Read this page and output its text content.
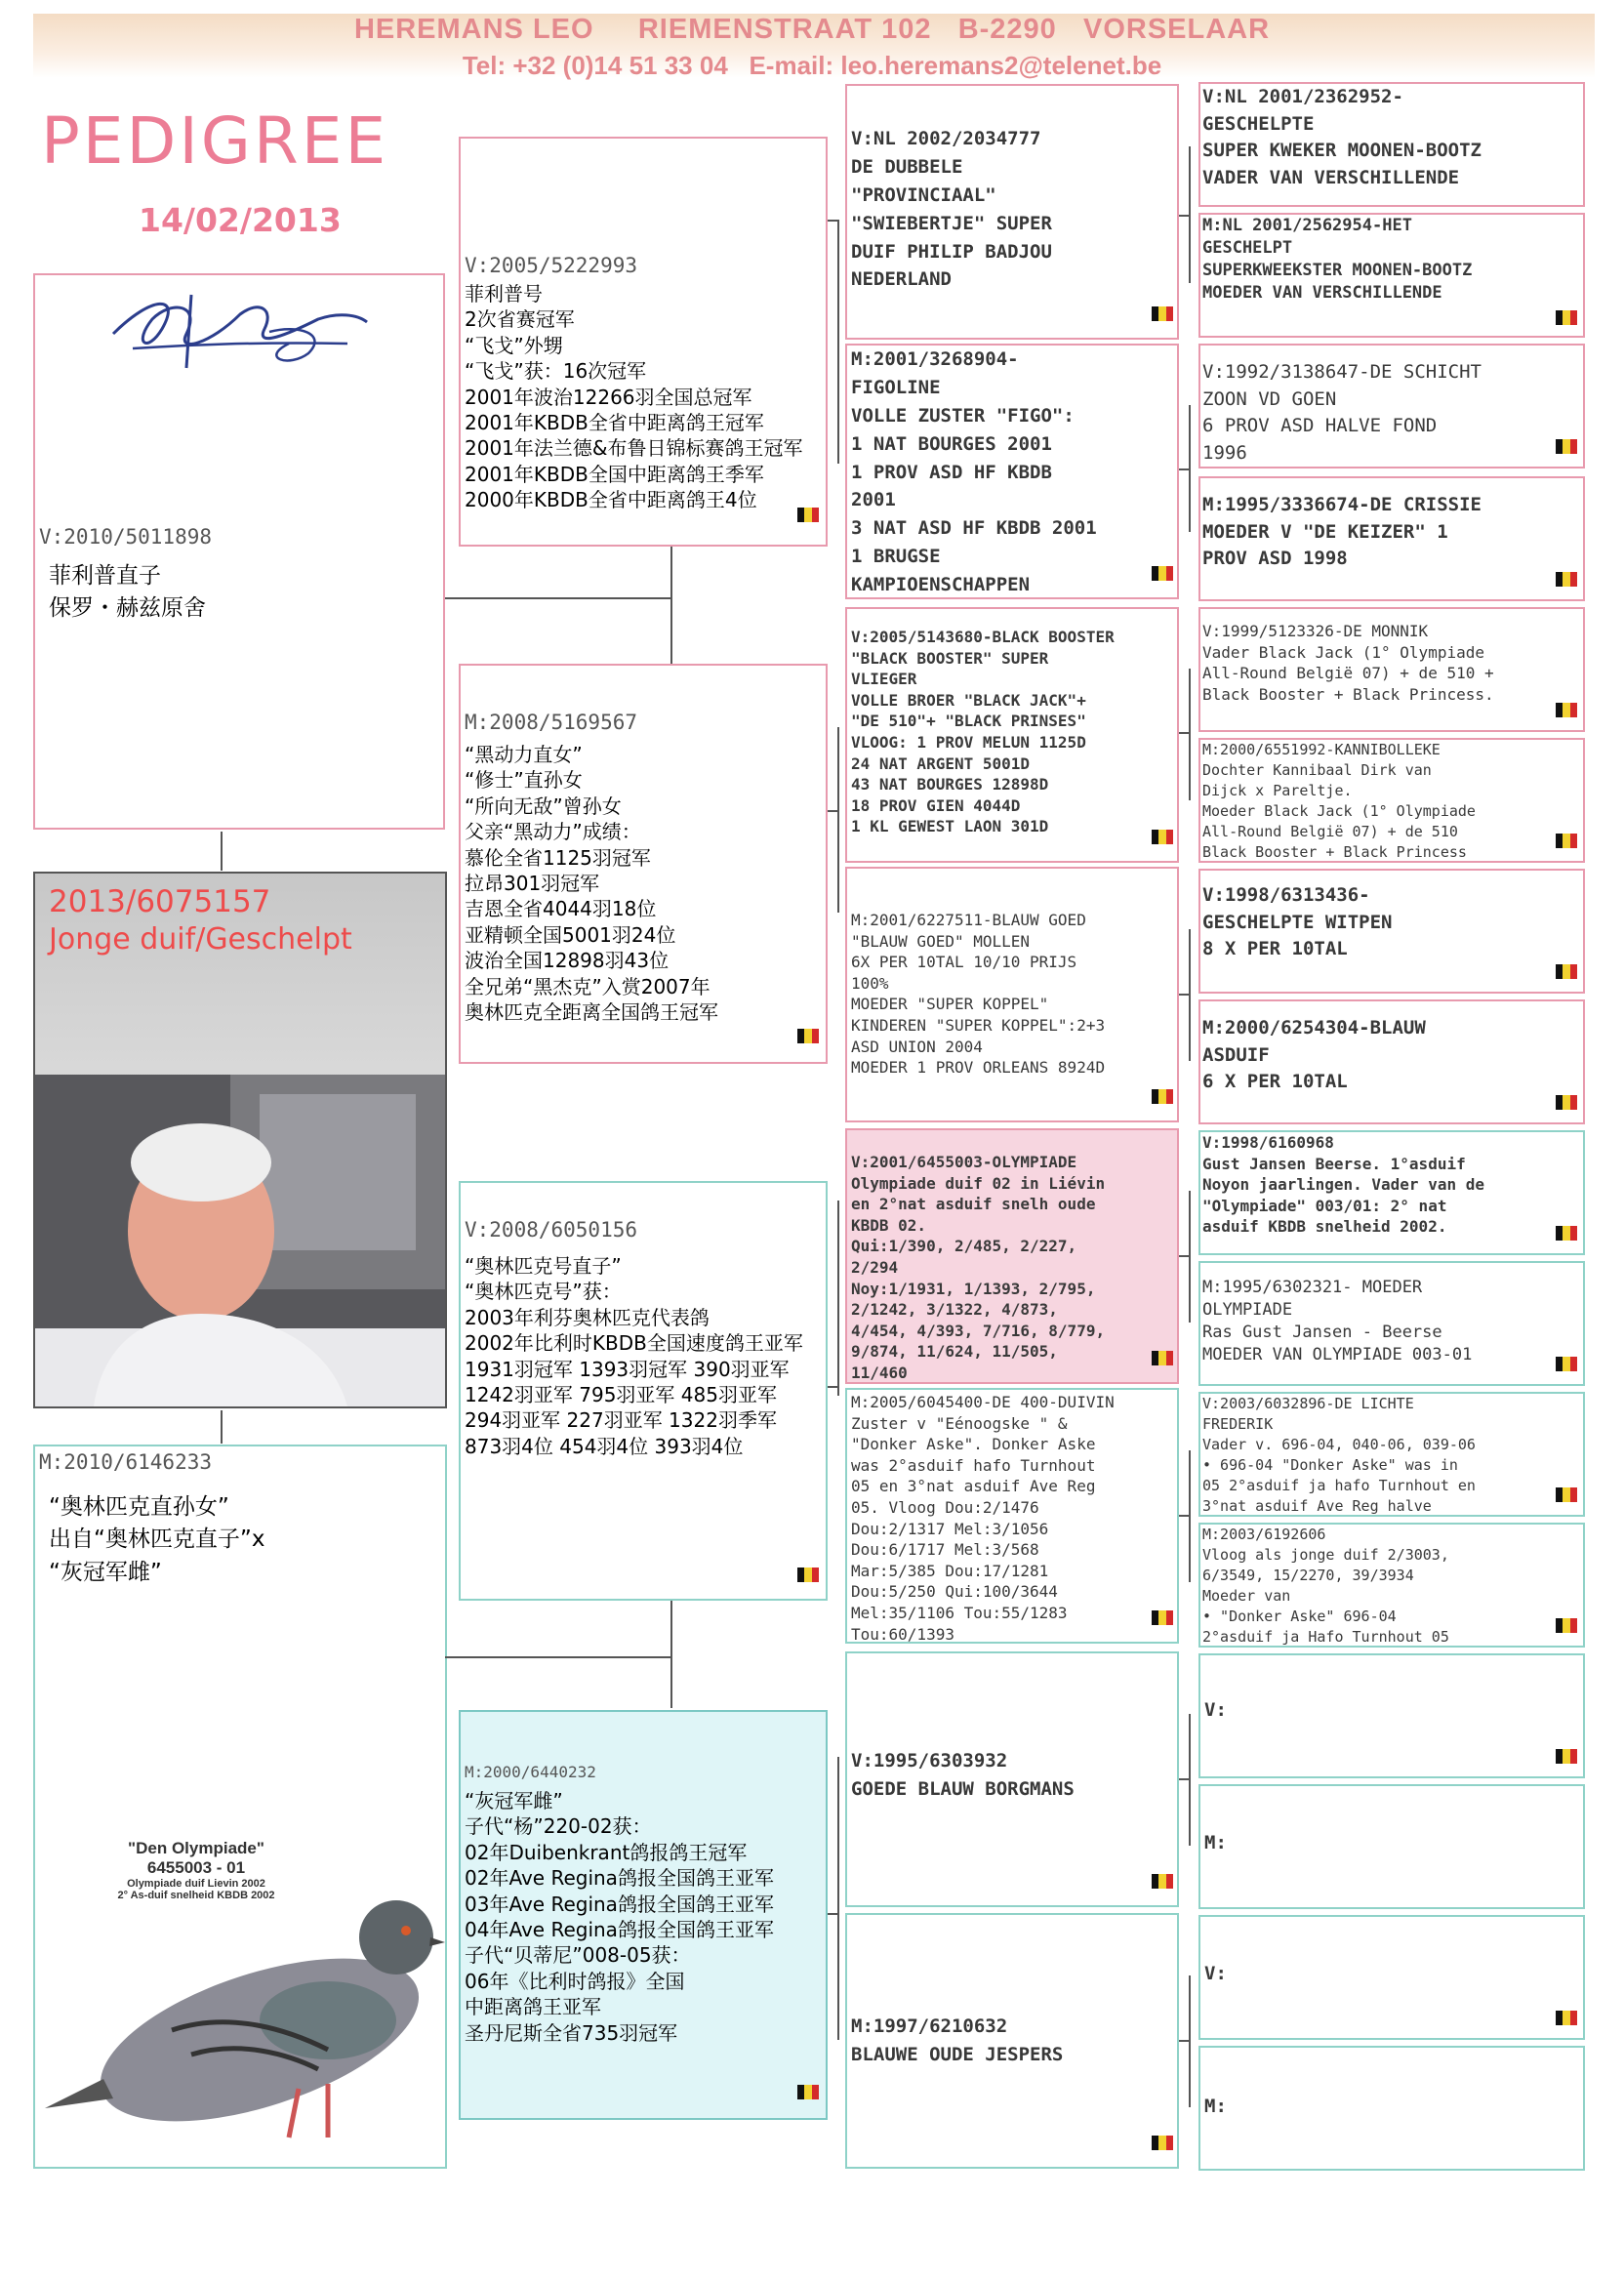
HEREMANS LEO     RIEMENSTRAAT 102   B-2290   VORSELAAR
Tel: +32 (0)14 51 33 04   E-mail: leo.heremans2@telenet.be
PEDIGREE
14/02/2013
V:2010/5011898
菲利普直子
保罗・赫兹原舍
2013/6075157
Jonge duif/Geschelpt
M:2010/6146233
“奥林匹克直孙女”
出自“奥林匹克直子”x
“灰冠军雌”
"Den Olympiade"
6455003 - 01
Olympiade duif Lievin 2002
2° As-duif snelheid KBDB 2002
V:2005/5222993
菲利普号
2次省赛冠军
“飞戈”外甥
“飞戈”获：16次冠军
2001年波治12266羽全国总冠军
2001年KBDB全省中距离鸽王冠军
2001年法兰德&布鲁日锦标赛鸽王冠军
2001年KBDB全国中距离鸽王季军
2000年KBDB全省中距离鸽王4位
M:2008/5169567
“黑动力直女”
“修士”直孙女
“所向无敌”曾孙女
父亲“黑动力”成绩：
慕伦全省1125羽冠军
拉昂301羽冠军
吉恩全省4044羽18位
亚精顿全国5001羽24位
波治全国12898羽43位
全兄弟“黑杰克”入赏2007年
奥林匹克全距离全国鸽王冠军
V:2008/6050156
“奥林匹克号直子”
“奥林匹克号”获：
2003年利芬奥林匹克代表鸽
2002年比利时KBDB全国速度鸽王亚军
1931羽冠军 1393羽冠军 390羽亚军
1242羽亚军 795羽亚军 485羽亚军
294羽亚军 227羽亚军 1322羽季军
873羽4位 454羽4位 393羽4位
M:2000/6440232
“灰冠军雌”
子代“杨”220-02获：
02年Duibenkrant鸽报鸽王冠军
02年Ave Regina鸽报全国鸽王亚军
03年Ave Regina鸽报全国鸽王亚军
04年Ave Regina鸽报全国鸽王亚军
子代“贝蒂尼”008-05获：
06年《比利时鸽报》全国
中距离鸽王亚军
圣丹尼斯全省735羽冠军
V:NL 2002/2034777
DE DUBBELE
"PROVINCIAAL"
"SWIEBERTJE" SUPER
DUIF PHILIP BADJOU
NEDERLAND
M:2001/3268904-
FIGOLINE
VOLLE ZUSTER "FIGO":
1 NAT BOURGES 2001
1 PROV ASD HF KBDB
2001
3 NAT ASD HF KBDB 2001
1 BRUGSE
KAMPIOENSCHAPPEN
V:2005/5143680-BLACK BOOSTER
"BLACK BOOSTER" SUPER
VLIEGER
VOLLE BROER "BLACK JACK"+
"DE 510"+ "BLACK PRINSES"
VLOOG: 1 PROV MELUN 1125D
24 NAT ARGENT 5001D
43 NAT BOURGES 12898D
18 PROV GIEN 4044D
1 KL GEWEST LAON 301D
M:2001/6227511-BLAUW GOED
"BLAUW GOED" MOLLEN
6X PER 10TAL 10/10 PRIJS
100%
MOEDER "SUPER KOPPEL"
KINDEREN "SUPER KOPPEL":2+3
ASD UNION 2004
MOEDER 1 PROV ORLEANS 8924D
V:2001/6455003-OLYMPIADE
Olympiade duif 02 in Liévin
en 2°nat asduif snelh oude
KBDB 02.
Qui:1/390, 2/485, 2/227,
2/294
Noy:1/1931, 1/1393, 2/795,
2/1242, 3/1322, 4/873,
4/454, 4/393, 7/716, 8/779,
9/874, 11/624, 11/505,
11/460
M:2005/6045400-DE 400-DUIVIN
Zuster v "Eénoogske " &
"Donker Aske". Donker Aske
was 2°asduif hafo Turnhout
05 en 3°nat asduif Ave Reg
05. Vloog Dou:2/1476
Dou:2/1317 Mel:3/1056
Dou:6/1717 Mel:3/568
Mar:5/385 Dou:17/1281
Dou:5/250 Qui:100/3644
Mel:35/1106 Tou:55/1283
Tou:60/1393
V:1995/6303932
GOEDE BLAUW BORGMANS
M:1997/6210632
BLAUWE OUDE JESPERS
V:NL 2001/2362952-
GESCHELPTE
SUPER KWEKER MOONEN-BOOTZ
VADER VAN VERSCHILLENDE
M:NL 2001/2562954-HET
GESCHELPT
SUPERKWEEKSTER MOONEN-BOOTZ
MOEDER VAN VERSCHILLENDE
V:1992/3138647-DE SCHICHT
ZOON VD GOEN
6 PROV ASD HALVE FOND
1996
M:1995/3336674-DE CRISSIE
MOEDER V "DE KEIZER" 1
PROV ASD 1998
V:1999/5123326-DE MONNIK
Vader Black Jack (1° Olympiade
All-Round België 07) + de 510 +
Black Booster + Black Princess.
M:2000/6551992-KANNIBOLLEKE
Dochter Kannibaal Dirk van
Dijck x Pareltje.
Moeder Black Jack (1° Olympiade
All-Round België 07) + de 510
Black Booster + Black Princess
V:1998/6313436-
GESCHELPTE WITPEN
8 X PER 10TAL
M:2000/6254304-BLAUW
ASDUIF
6 X PER 10TAL
V:1998/6160968
Gust Jansen Beerse. 1°asduif
Noyon jaarlingen. Vader van de
"Olympiade" 003/01: 2° nat
asduif KBDB snelheid 2002.
M:1995/6302321- MOEDER
OLYMPIADE
Ras Gust Jansen - Beerse
MOEDER VAN OLYMPIADE 003-01
V:2003/6032896-DE LICHTE
FREDERIK
Vader v. 696-04, 040-06, 039-06
• 696-04 "Donker Aske" was in
05 2°asduif ja hafo Turnhout en
3°nat asduif Ave Reg halve
M:2003/6192606
Vloog als jonge duif 2/3003,
6/3549, 15/2270, 39/3934
Moeder van
• "Donker Aske" 696-04
2°asduif ja Hafo Turnhout 05
V:
M:
V:
M:
